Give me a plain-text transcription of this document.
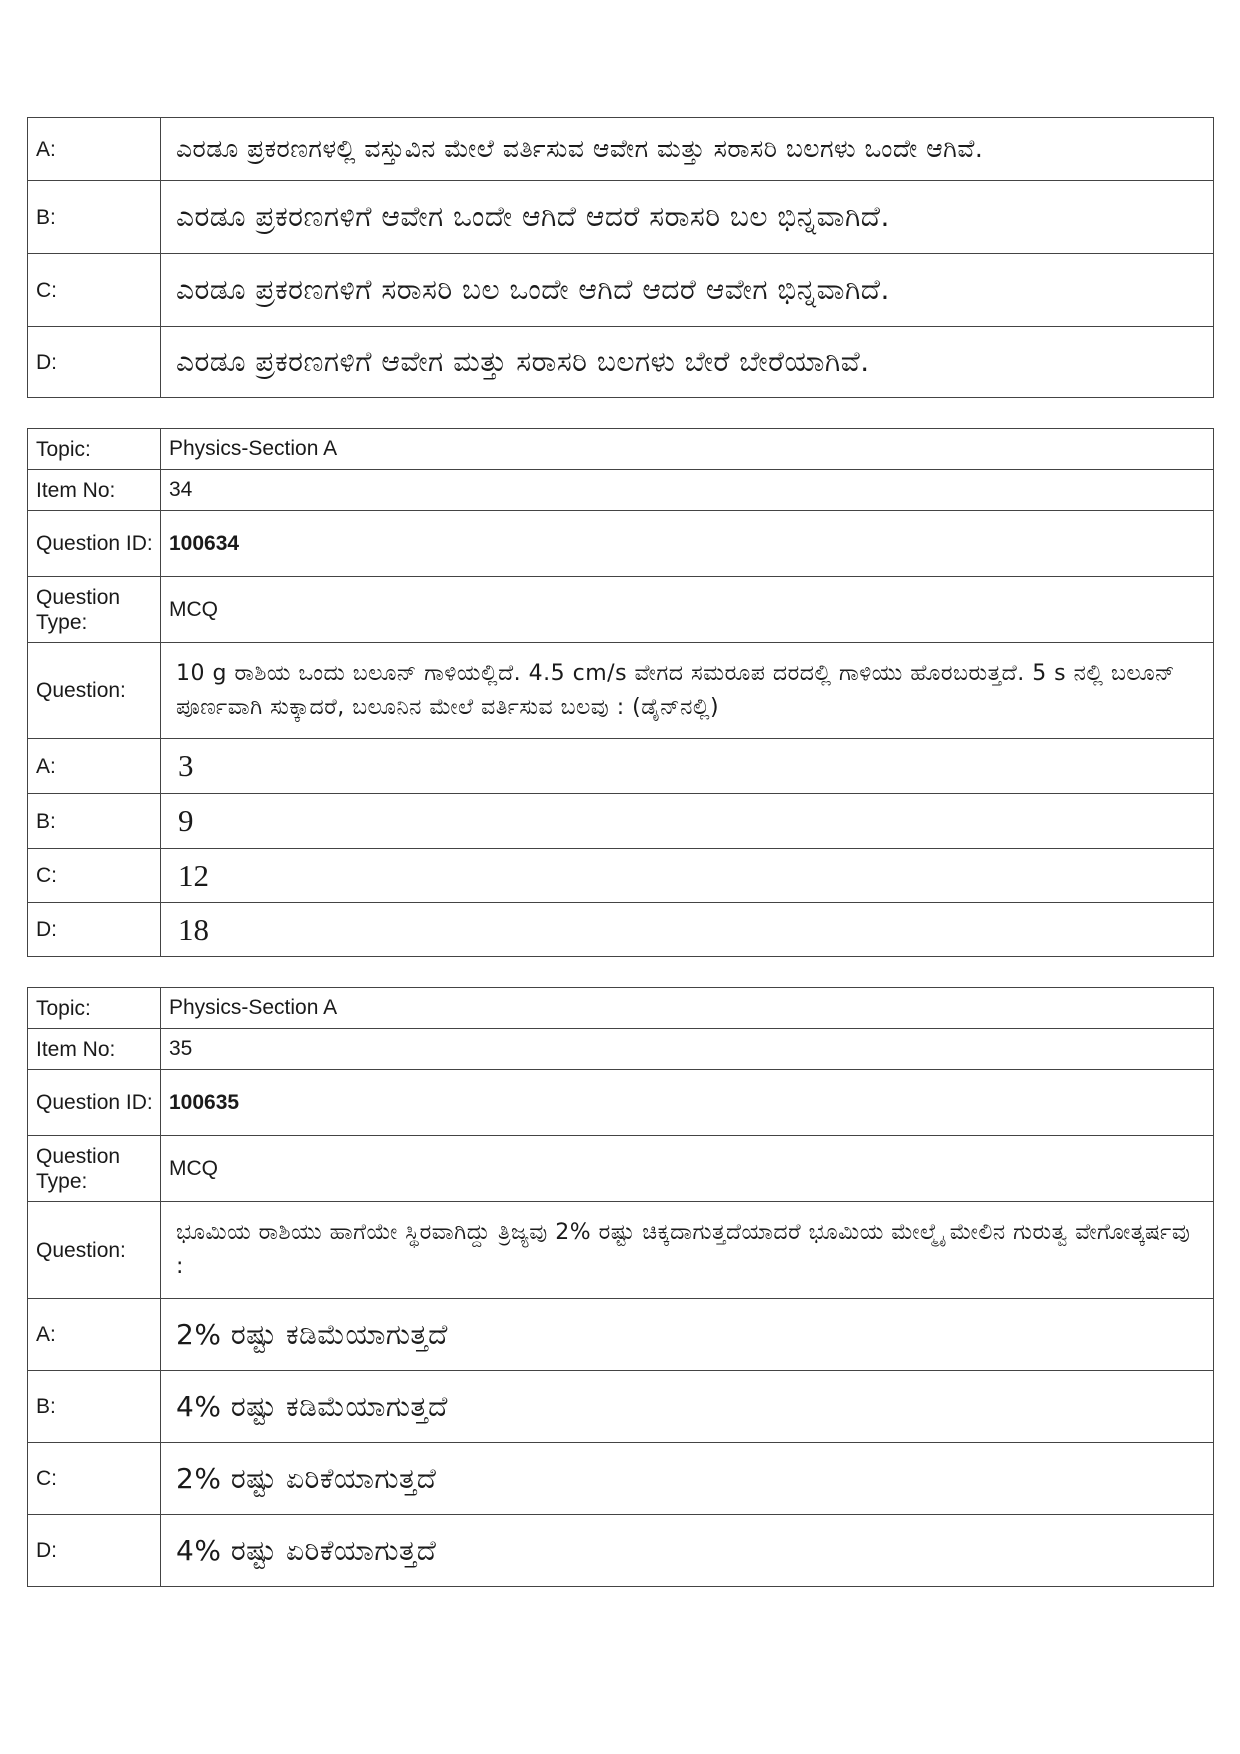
A:	ಎರಡೂ ಪ್ರಕರಣಗಳಲ್ಲಿ ವಸ್ತುವಿನ ಮೇಲೆ ವರ್ತಿಸುವ ಆವೇಗ ಮತ್ತು ಸರಾಸರಿ ಬಲಗಳು ಒಂದೇ ಆಗಿವೆ.
B:	ಎರಡೂ ಪ್ರಕರಣಗಳಿಗೆ ಆವೇಗ ಒಂದೇ ಆಗಿದೆ ಆದರೆ ಸರಾಸರಿ ಬಲ ಭಿನ್ನವಾಗಿದೆ.
C:	ಎರಡೂ ಪ್ರಕರಣಗಳಿಗೆ ಸರಾಸರಿ ಬಲ ಒಂದೇ ಆಗಿದೆ ಆದರೆ ಆವೇಗ ಭಿನ್ನವಾಗಿದೆ.
D:	ಎರಡೂ ಪ್ರಕರಣಗಳಿಗೆ ಆವೇಗ ಮತ್ತು ಸರಾಸರಿ ಬಲಗಳು ಬೇರೆ ಬೇರೆಯಾಗಿವೆ.
Topic:	Physics-Section A
Item No:	34
Question ID:	100634
Question Type:	MCQ
Question:	10 g ರಾಶಿಯ ಒಂದು ಬಲೂನ್ ಗಾಳಿಯಲ್ಲಿದೆ. 4.5 cm/s ವೇಗದ ಸಮರೂಪ ದರದಲ್ಲಿ ಗಾಳಿಯು ಹೊರಬರುತ್ತದೆ. 5 s ನಲ್ಲಿ ಬಲೂನ್ ಪೂರ್ಣವಾಗಿ ಸುಕ್ಕಾದರೆ, ಬಲೂನಿನ ಮೇಲೆ ವರ್ತಿಸುವ ಬಲವು : (ಡೈನ್‌ನಲ್ಲಿ)
A:	3
B:	9
C:	12
D:	18
Topic:	Physics-Section A
Item No:	35
Question ID:	100635
Question Type:	MCQ
Question:	ಭೂಮಿಯ ರಾಶಿಯು ಹಾಗೆಯೇ ಸ್ಥಿರವಾಗಿದ್ದು ತ್ರಿಜ್ಯವು 2% ರಷ್ಟು ಚಿಕ್ಕದಾಗುತ್ತದೆಯಾದರೆ ಭೂಮಿಯ ಮೇಲ್ಮೈ ಮೇಲಿನ ಗುರುತ್ವ ವೇಗೋತ್ಕರ್ಷವು :
A:	2% ರಷ್ಟು ಕಡಿಮೆಯಾಗುತ್ತದೆ
B:	4% ರಷ್ಟು ಕಡಿಮೆಯಾಗುತ್ತದೆ
C:	2% ರಷ್ಟು ಏರಿಕೆಯಾಗುತ್ತದೆ
D:	4% ರಷ್ಟು ಏರಿಕೆಯಾಗುತ್ತದೆ
